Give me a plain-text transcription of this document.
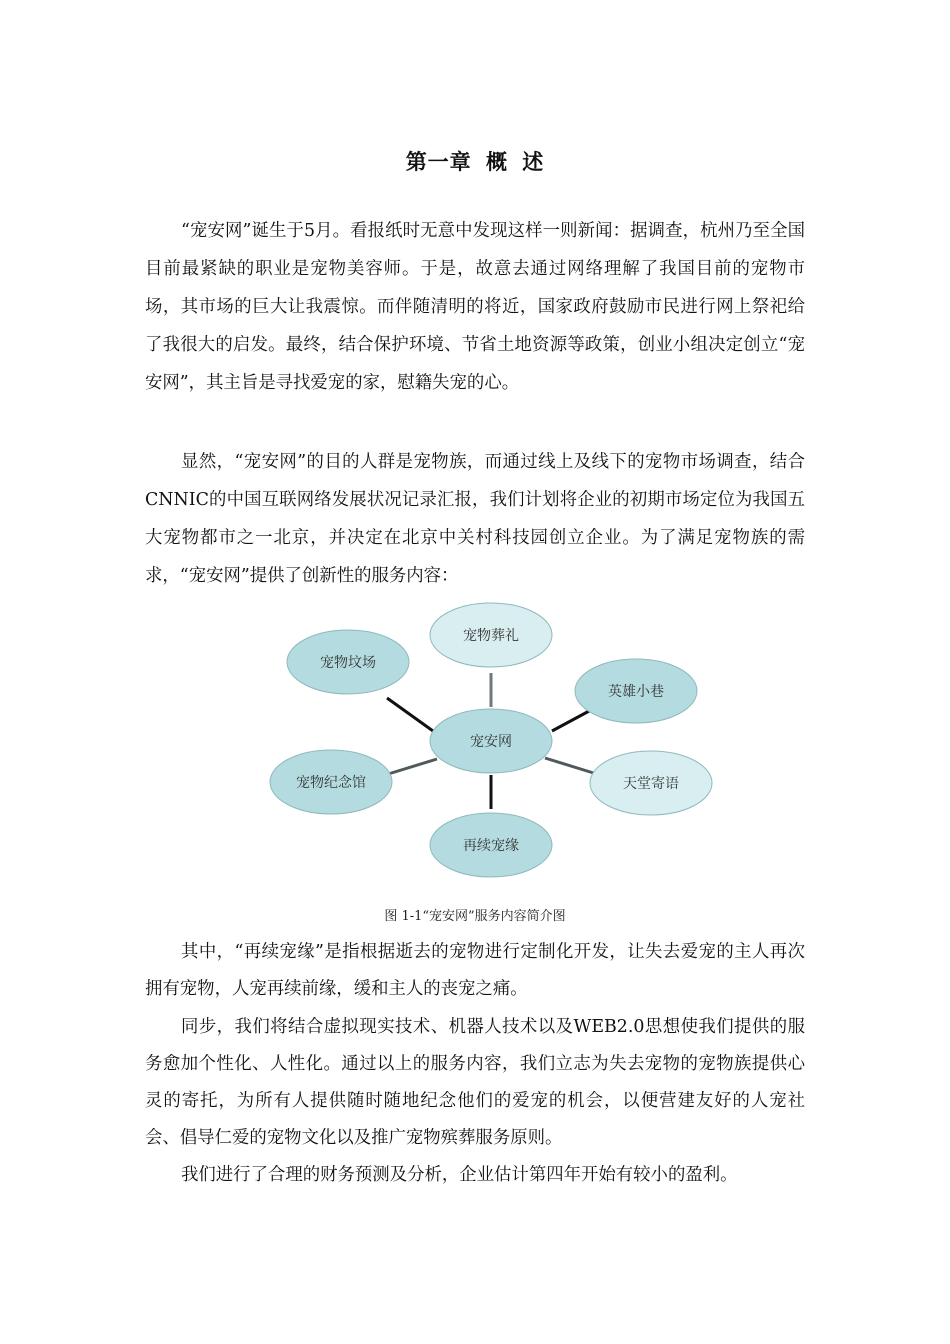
第一章 概 述

“宠安网”诞生于5月。看报纸时无意中发现这样一则新闻：据调查，杭州乃至全国目前最紧缺的职业是宠物美容师。于是，故意去通过网络理解了我国目前的宠物市场，其市场的巨大让我震惊。而伴随清明的将近，国家政府鼓励市民进行网上祭祀给了我很大的启发。最终，结合保护环境、节省土地资源等政策，创业小组决定创立“宠安网”，其主旨是寻找爱宠的家，慰籍失宠的心。

显然，“宠安网”的目的人群是宠物族，而通过线上及线下的宠物市场调查，结合CNNIC的中国互联网络发展状况记录汇报，我们计划将企业的初期市场定位为我国五大宠物都市之一北京，并决定在北京中关村科技园创立企业。为了满足宠物族的需求，“宠安网”提供了创新性的服务内容：

宠物葬礼
英雄小巷
天堂寄语
再续宠缘
宠物纪念馆
宠物坟场
宠安网
图 1-1“宠安网”服务内容简介图

其中，“再续宠缘”是指根据逝去的宠物进行定制化开发，让失去爱宠的主人再次拥有宠物，人宠再续前缘，缓和主人的丧宠之痛。

同步，我们将结合虚拟现实技术、机器人技术以及WEB2.0思想使我们提供的服务愈加个性化、人性化。通过以上的服务内容，我们立志为失去宠物的宠物族提供心灵的寄托，为所有人提供随时随地纪念他们的爱宠的机会，以便营建友好的人宠社会、倡导仁爱的宠物文化以及推广宠物殡葬服务原则。

我们进行了合理的财务预测及分析，企业估计第四年开始有较小的盈利。
